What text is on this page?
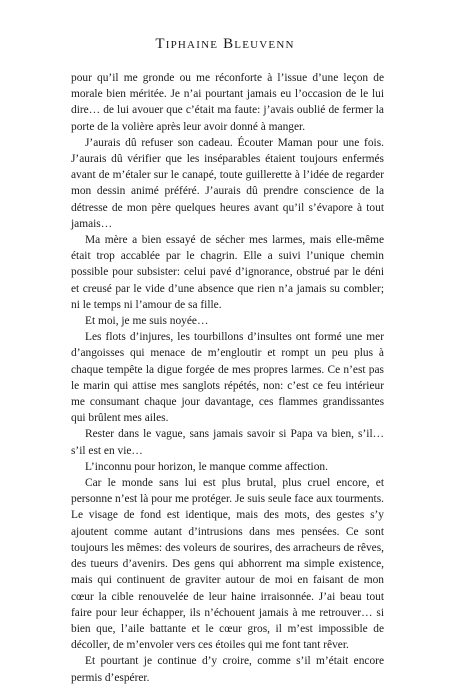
Tiphaine Bleuvenn

pour qu’il me gronde ou me réconforte à l’issue d’une leçon de morale bien méritée. Je n’ai pourtant jamais eu l’occasion de le lui dire… de lui avouer que c’était ma faute: j’avais oublié de fermer la porte de la volière après leur avoir donné à manger.

J’aurais dû refuser son cadeau. Écouter Maman pour une fois. J’aurais dû vérifier que les inséparables étaient toujours enfermés avant de m’étaler sur le canapé, toute guillerette à l’idée de regarder mon dessin animé préféré. J’aurais dû prendre conscience de la détresse de mon père quelques heures avant qu’il s’évapore à tout jamais…

Ma mère a bien essayé de sécher mes larmes, mais elle-même était trop accablée par le chagrin. Elle a suivi l’unique chemin possible pour subsister: celui pavé d’ignorance, obstrué par le déni et creusé par le vide d’une absence que rien n’a jamais su combler; ni le temps ni l’amour de sa fille.

Et moi, je me suis noyée…

Les flots d’injures, les tourbillons d’insultes ont formé une mer d’angoisses qui menace de m’engloutir et rompt un peu plus à chaque tempête la digue forgée de mes propres larmes. Ce n’est pas le marin qui attise mes sanglots répétés, non: c’est ce feu intérieur me consumant chaque jour davantage, ces flammes grandissantes qui brûlent mes ailes.

Rester dans le vague, sans jamais savoir si Papa va bien, s’il… s’il est en vie…

L’inconnu pour horizon, le manque comme affection.

Car le monde sans lui est plus brutal, plus cruel encore, et personne n’est là pour me protéger. Je suis seule face aux tourments. Le visage de fond est identique, mais des mots, des gestes s’y ajoutent comme autant d’intrusions dans mes pensées. Ce sont toujours les mêmes: des voleurs de sourires, des arracheurs de rêves, des tueurs d’avenirs. Des gens qui abhorrent ma simple existence, mais qui continuent de graviter autour de moi en faisant de mon cœur la cible renouvelée de leur haine irraisonnée. J’ai beau tout faire pour leur échapper, ils n’échouent jamais à me retrouver… si bien que, l’aile battante et le cœur gros, il m’est impossible de décoller, de m’envoler vers ces étoiles qui me font tant rêver.

Et pourtant je continue d’y croire, comme s’il m’était encore permis d’espérer.
